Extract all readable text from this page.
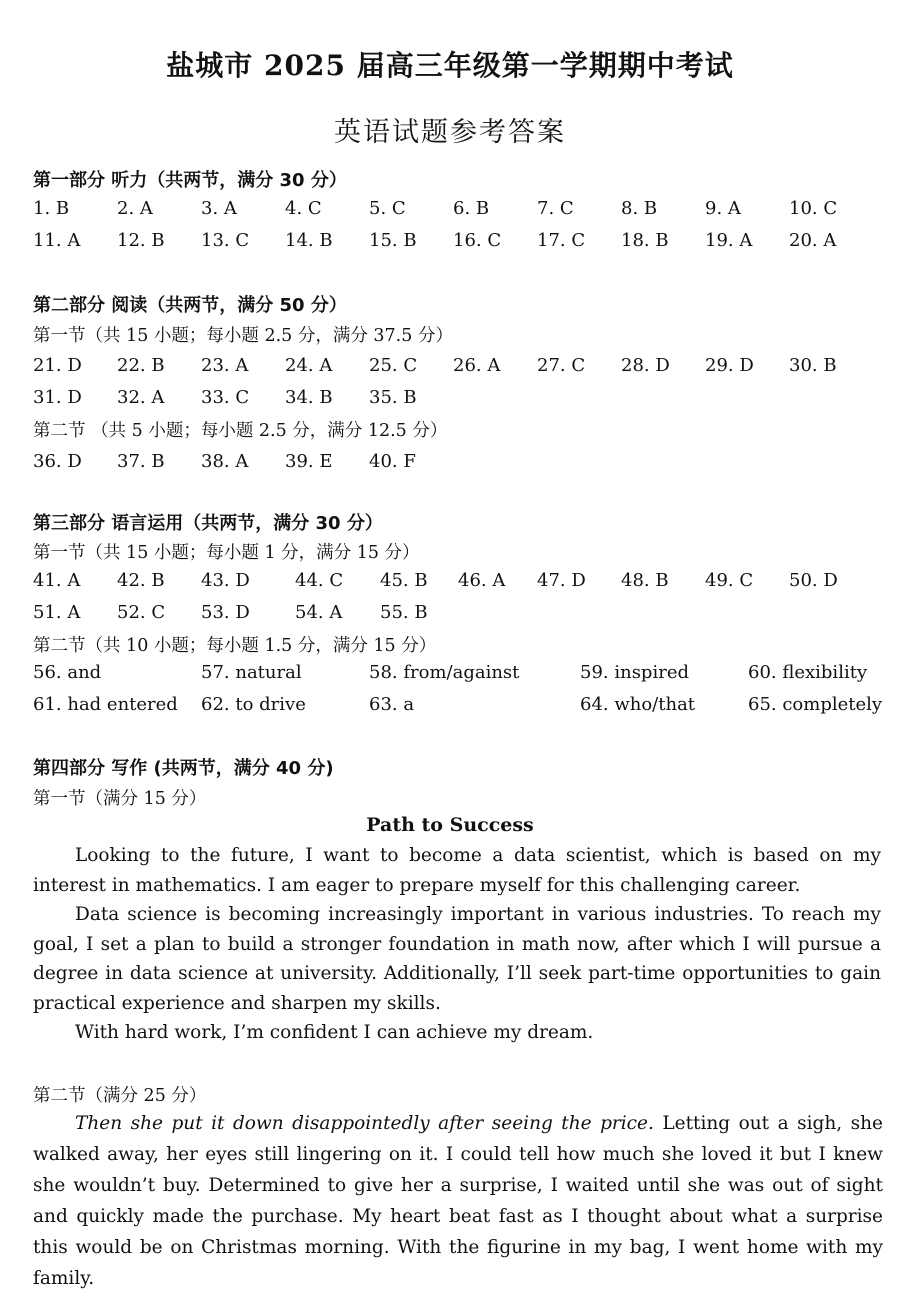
盐城市 2025 届高三年级第一学期期中考试
英语试题参考答案
第一部分 听力（共两节，满分 30 分）
1. B	2. A	3. A	4. C	5. C	6. B	7. C	8. B	9. A	10. C
11. A 12. B 13. C 14. B 15. B 16. C 17. C 18. B 19. A 20. A
第二部分 阅读（共两节，满分 50 分）
第一节（共 15 小题；每小题 2.5 分，满分 37.5 分）
21. D 22. B 23. A 24. A 25. C 26. A 27. C 28. D 29. D 30. B
31. D 32. A 33. C 34. B 35. B
第二节 （共 5 小题；每小题 2.5 分，满分 12.5 分）
36. D 37. B 38. A 39. E 40. F
第三部分 语言运用（共两节，满分 30 分）
第一节（共 15 小题；每小题 1 分，满分 15 分）
41. A 42. B 43. D	44. C 45. B 46. A 47. D 48. B 49. C 50. D
51. A 52. C 53. D	54. A 55. B
第二节（共 10 小题；每小题 1.5 分，满分 15 分）
56. and	57. natural	58. from/against	59. inspired	60. flexibility
61. had entered 62. to drive	63. a	64. who/that	65. completely
第四部分 写作 (共两节，满分 40 分)
第一节（满分 15 分）
Path to Success
Looking to the future, I want to become a data scientist, which is based on my interest in mathematics. I am eager to prepare myself for this challenging career.
Data science is becoming increasingly important in various industries. To reach my goal, I set a plan to build a stronger foundation in math now, after which I will pursue a degree in data science at university. Additionally, I’ll seek part-time opportunities to gain practical experience and sharpen my skills.
With hard work, I’m confident I can achieve my dream.
第二节（满分 25 分）
Then she put it down disappointedly after seeing the price. Letting out a sigh, she walked away, her eyes still lingering on it. I could tell how much she loved it but I knew she wouldn’t buy. Determined to give her a surprise, I waited until she was out of sight and quickly made the purchase. My heart beat fast as I thought about what a surprise this would be on Christmas morning. With the figurine in my bag, I went home with my family.
